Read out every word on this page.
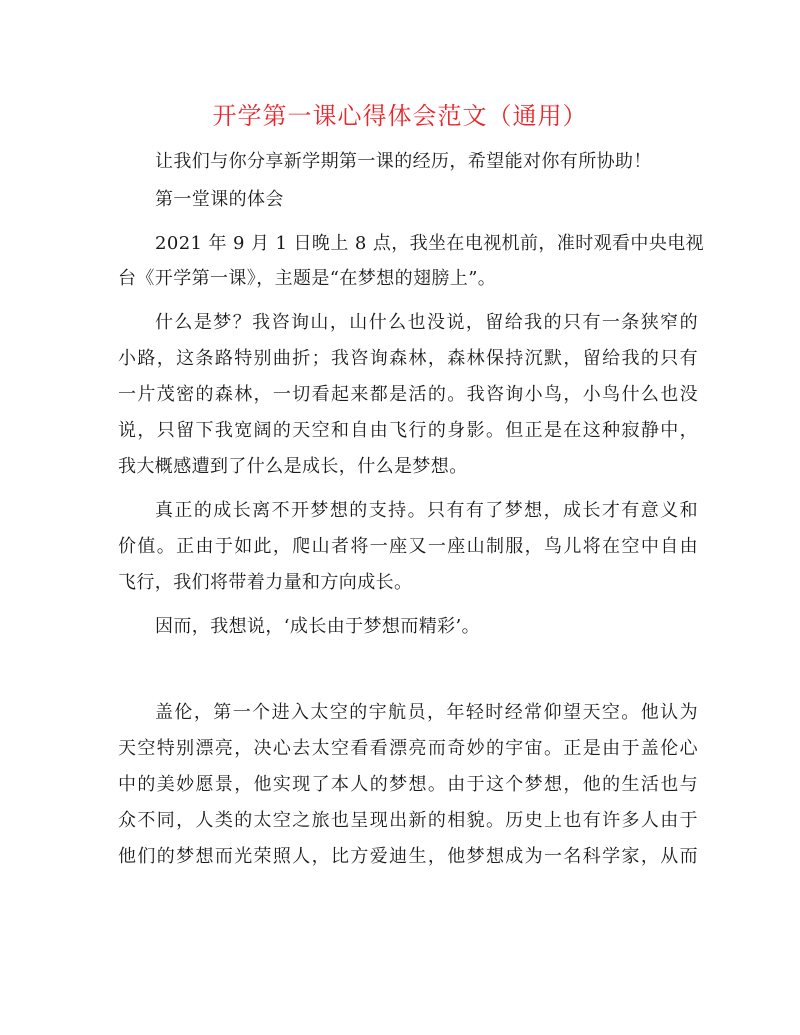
开学第一课心得体会范文（通用）
让我们与你分享新学期第一课的经历，希望能对你有所协助！
第一堂课的体会
2021 年 9 月 1 日晚上 8 点，我坐在电视机前，准时观看中央电视
台《开学第一课》，主题是“在梦想的翅膀上”。
什么是梦？我咨询山，山什么也没说，留给我的只有一条狭窄的
小路，这条路特别曲折；我咨询森林，森林保持沉默，留给我的只有
一片茂密的森林，一切看起来都是活的。我咨询小鸟，小鸟什么也没
说，只留下我宽阔的天空和自由飞行的身影。但正是在这种寂静中，
我大概感遭到了什么是成长，什么是梦想。
真正的成长离不开梦想的支持。只有有了梦想，成长才有意义和
价值。正由于如此，爬山者将一座又一座山制服，鸟儿将在空中自由
飞行，我们将带着力量和方向成长。
因而，我想说，‘成长由于梦想而精彩’。
盖伦，第一个进入太空的宇航员，年轻时经常仰望天空。他认为
天空特别漂亮，决心去太空看看漂亮而奇妙的宇宙。正是由于盖伦心
中的美妙愿景，他实现了本人的梦想。由于这个梦想，他的生活也与
众不同，人类的太空之旅也呈现出新的相貌。历史上也有许多人由于
他们的梦想而光荣照人，比方爱迪生，他梦想成为一名科学家，从而
